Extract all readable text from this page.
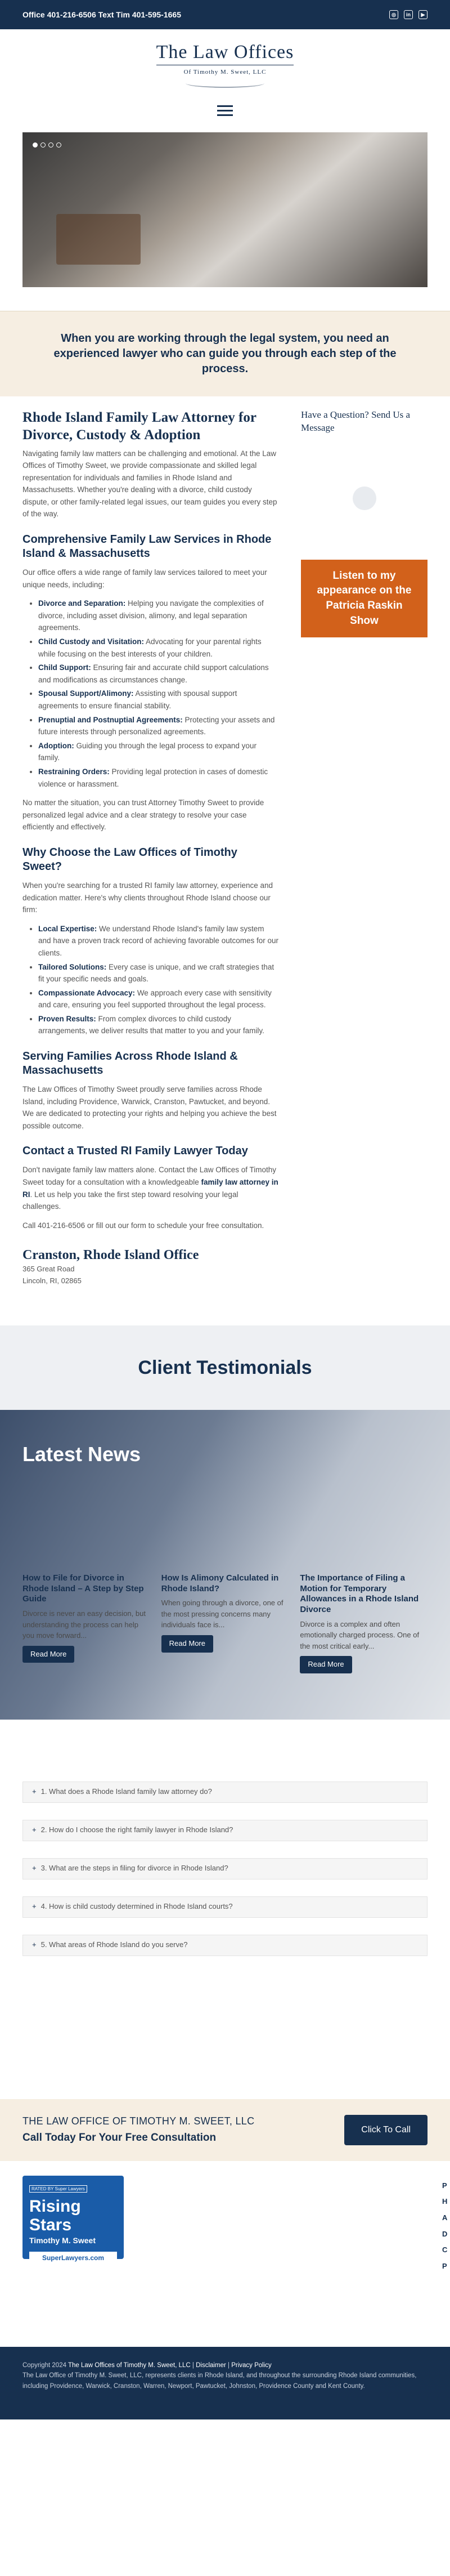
Office 401-216-6506 Text Tim 401-595-1665	◎	in	▶
The Law Offices
Of Timothy M. Sweet, LLC
When you are working through the legal system, you need an experienced lawyer who can guide you through each step of the process.
Rhode Island Family Law Attorney for Divorce, Custody & Adoption

Navigating family law matters can be challenging and emotional. At the Law Offices of Timothy Sweet, we provide compassionate and skilled legal representation for individuals and families in Rhode Island and Massachusetts. Whether you're dealing with a divorce, child custody dispute, or other family-related legal issues, our team guides you every step of the way.

Comprehensive Family Law Services in Rhode Island & Massachusetts

Our office offers a wide range of family law services tailored to meet your unique needs, including:

• Divorce and Separation: Helping you navigate the complexities of divorce, including asset division, alimony, and legal separation agreements.
• Child Custody and Visitation: Advocating for your parental rights while focusing on the best interests of your children.
• Child Support: Ensuring fair and accurate child support calculations and modifications as circumstances change.
• Spousal Support/Alimony: Assisting with spousal support agreements to ensure financial stability.
• Prenuptial and Postnuptial Agreements: Protecting your assets and future interests through personalized agreements.
• Adoption: Guiding you through the legal process to expand your family.
• Restraining Orders: Providing legal protection in cases of domestic violence or harassment.

No matter the situation, you can trust Attorney Timothy Sweet to provide personalized legal advice and a clear strategy to resolve your case efficiently and effectively.

Why Choose the Law Offices of Timothy Sweet?

When you're searching for a trusted RI family law attorney, experience and dedication matter. Here's why clients throughout Rhode Island choose our firm:

• Local Expertise: We understand Rhode Island's family law system and have a proven track record of achieving favorable outcomes for our clients.
• Tailored Solutions: Every case is unique, and we craft strategies that fit your specific needs and goals.
• Compassionate Advocacy: We approach every case with sensitivity and care, ensuring you feel supported throughout the legal process.
• Proven Results: From complex divorces to child custody arrangements, we deliver results that matter to you and your family.
Serving Families Across Rhode Island & Massachusetts

The Law Offices of Timothy Sweet proudly serve families across Rhode Island, including Providence, Warwick, Cranston, Pawtucket, and beyond. We are dedicated to protecting your rights and helping you achieve the best possible outcome.

Contact a Trusted RI Family Lawyer Today

Don't navigate family law matters alone. Contact the Law Offices of Timothy Sweet today for a consultation with a knowledgeable family law attorney in RI. Let us help you take the first step toward resolving your legal challenges.

Call 401-216-6506 or fill out our form to schedule your free consultation.

Cranston, Rhode Island Office
365 Great Road
Lincoln, RI, 02865
Have a Question? Send Us a Message
Listen to my appearance on the Patricia Raskin Show
Client Testimonials
Latest News
How to File for Divorce in Rhode Island – A Step by Step Guide

Divorce is never an easy decision, but understanding the process can help you move forward...

Read More
How Is Alimony Calculated in Rhode Island?

When going through a divorce, one of the most pressing concerns many individuals face is...

Read More
The Importance of Filing a Motion for Temporary Allowances in a Rhode Island Divorce

Divorce is a complex and often emotionally charged process. One of the most critical early...

Read More
+ 1. What does a Rhode Island family law attorney do?
+ 2. How do I choose the right family lawyer in Rhode Island?
+ 3. What are the steps in filing for divorce in Rhode Island?
+ 4. How is child custody determined in Rhode Island courts?
+ 5. What areas of Rhode Island do you serve?
THE LAW OFFICE OF TIMOTHY M. SWEET, LLC
Call Today For Your Free Consultation
Click To Call
RATED BY Super Lawyers
Rising Stars
Timothy M. Sweet
SuperLawyers.com
P
H
A
D
C
P
Copyright 2024 The Law Offices of Timothy M. Sweet, LLC | Disclaimer | Privacy Policy
The Law Office of Timothy M. Sweet, LLC, represents clients in Rhode Island, and throughout the surrounding Rhode Island communities, including Providence, Warwick, Cranston, Warren, Newport, Pawtucket, Johnston, Providence County and Kent County.
